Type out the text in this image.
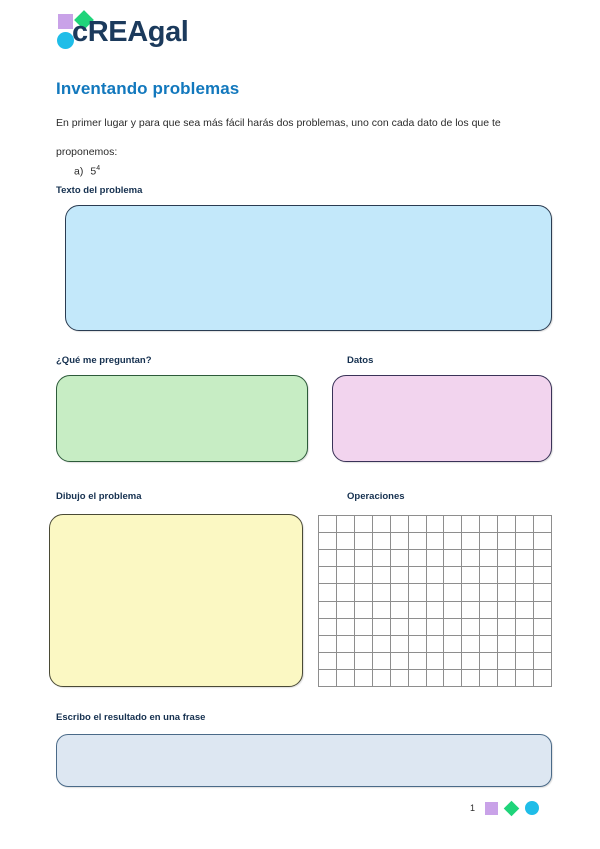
cREAgal
Inventando problemas
En primer lugar y para que sea más fácil harás dos problemas, uno con cada dato de los que te proponemos:
a) $5^4$
Texto del problema
¿Qué me preguntan?	Datos
Dibujo el problema	Operaciones
Escribo el resultado en una frase
1
